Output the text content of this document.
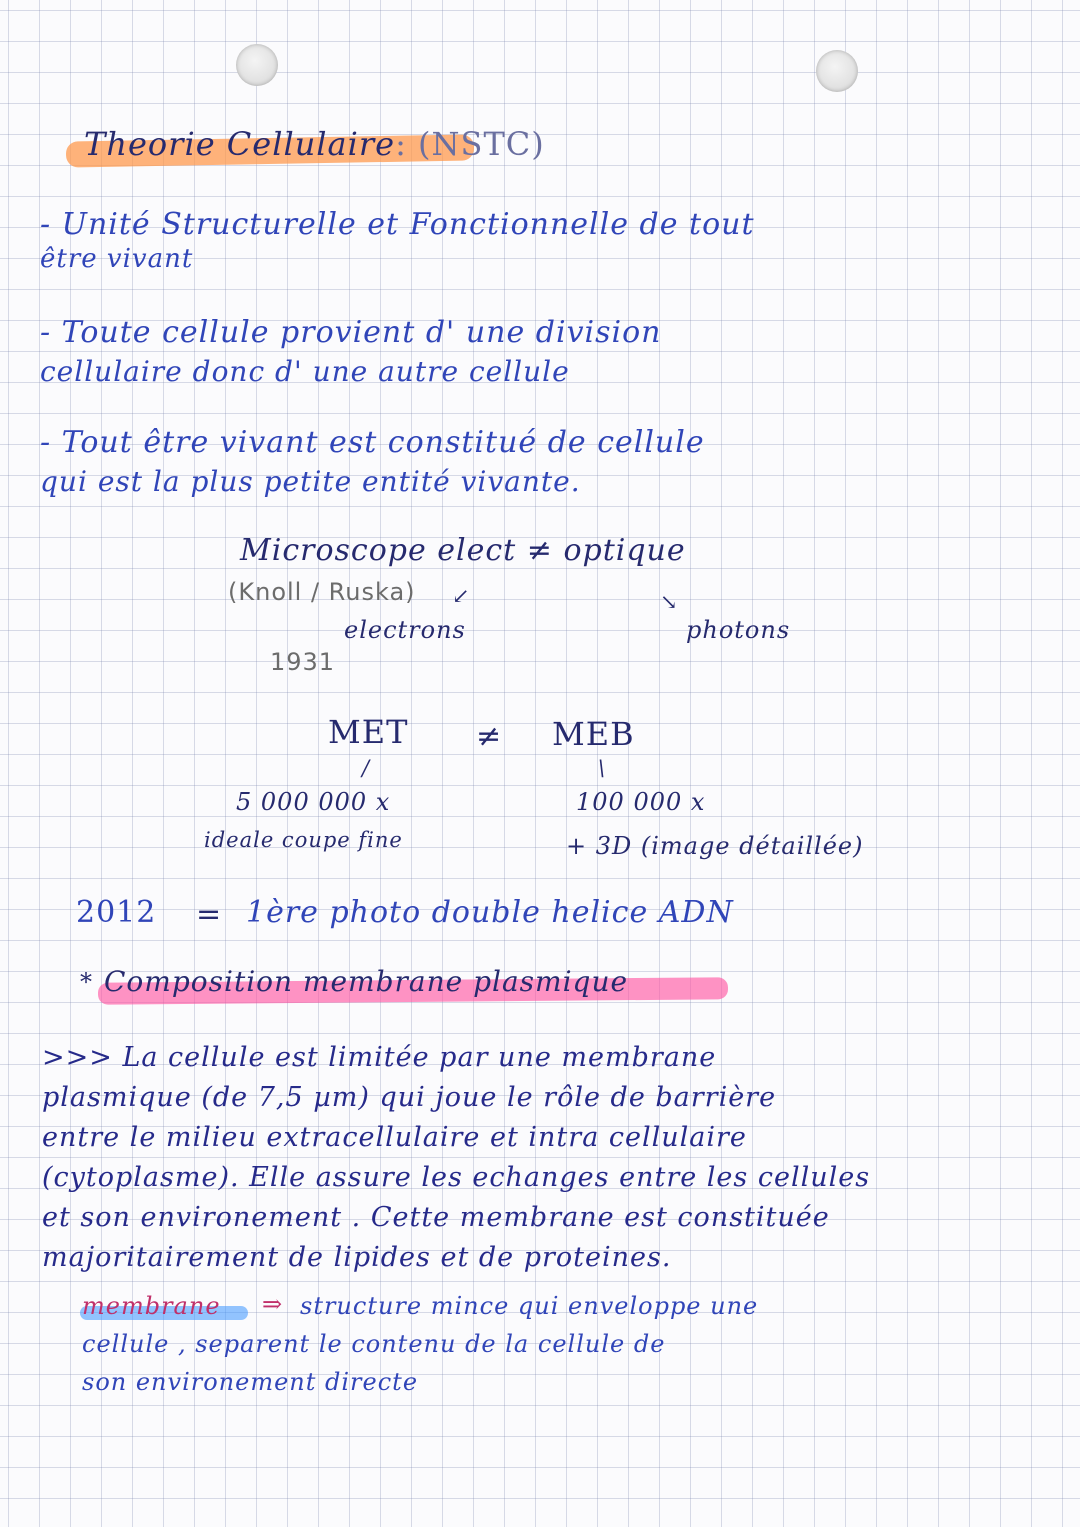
Theorie Cellulaire: (NSTC)
- Unité Structurelle et Fonctionnelle de tout
être vivant
- Toute cellule provient d' une division
cellulaire donc d' une autre cellule
- Tout être vivant est constitué de cellule
qui est la plus petite entité vivante.
Microscope elect ≠ optique
(Knoll / Ruska) ↙
electrons
↘
photons
1931
MET ≠ MEB
/	\
5 000 000 x
ideale coupe fine
100 000 x
+ 3D (image détaillée)
2012 = 1ère photo double helice ADN
* Composition membrane plasmique
>>> La cellule est limitée par une membrane
plasmique (de 7,5 µm) qui joue le rôle de barrière
entre le milieu extracellulaire et intra cellulaire
(cytoplasme). Elle assure les echanges entre les cellules
et son environement . Cette membrane est constituée
majoritairement de lipides et de proteines.
membrane ⇒ structure mince qui enveloppe une
cellule , separent le contenu de la cellule de
son environement directe
